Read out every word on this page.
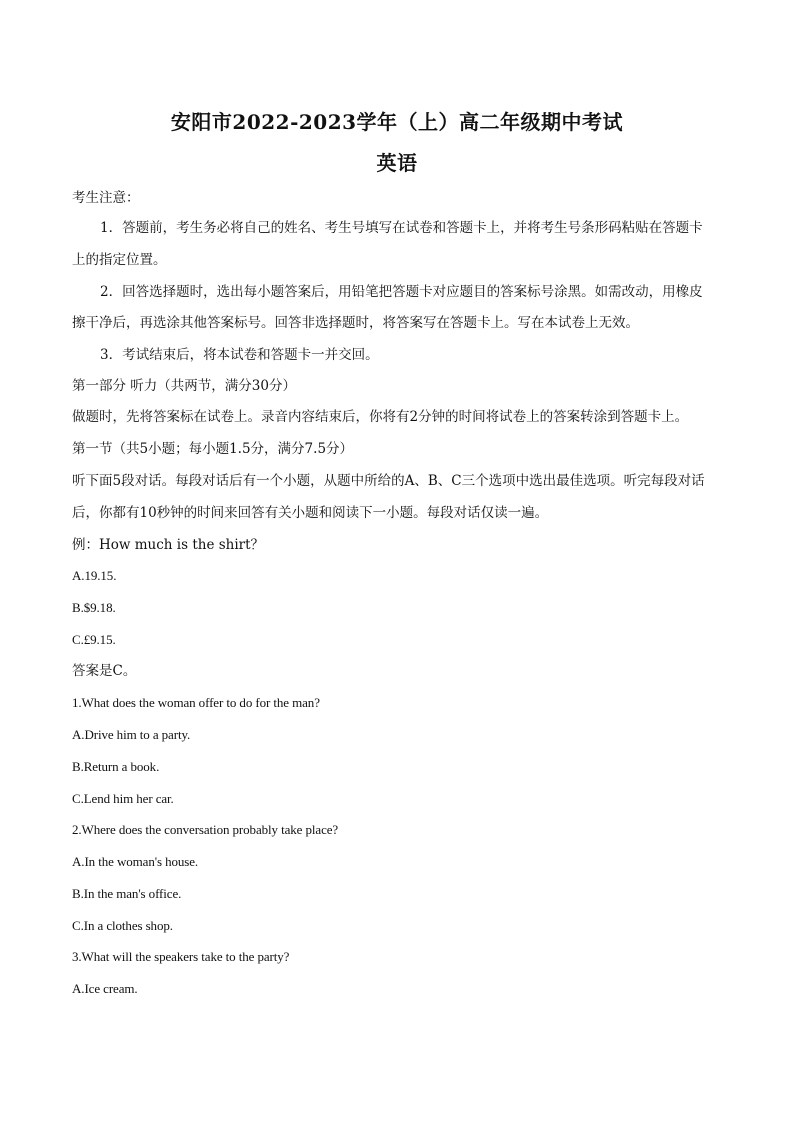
安阳市2022-2023学年（上）高二年级期中考试
英语
考生注意：
1．答题前，考生务必将自己的姓名、考生号填写在试卷和答题卡上，并将考生号条形码粘贴在答题卡
上的指定位置。
2．回答选择题时，选出每小题答案后，用铅笔把答题卡对应题目的答案标号涂黑。如需改动，用橡皮
擦干净后，再选涂其他答案标号。回答非选择题时，将答案写在答题卡上。写在本试卷上无效。
3．考试结束后，将本试卷和答题卡一并交回。
第一部分 听力（共两节，满分30分）
做题时，先将答案标在试卷上。录音内容结束后，你将有2分钟的时间将试卷上的答案转涂到答题卡上。
第一节（共5小题；每小题1.5分，满分7.5分）
听下面5段对话。每段对话后有一个小题，从题中所给的A、B、C三个选项中选出最佳选项。听完每段对话
后，你都有10秒钟的时间来回答有关小题和阅读下一小题。每段对话仅读一遍。
例：How much is the shirt？
A.19.15.
B.$9.18.
C.£9.15.
答案是C。
1.What does the woman offer to do for the man?
A.Drive him to a party.
B.Return a book.
C.Lend him her car.
2.Where does the conversation probably take place?
A.In the woman's house.
B.In the man's office.
C.In a clothes shop.
3.What will the speakers take to the party?
A.Ice cream.
